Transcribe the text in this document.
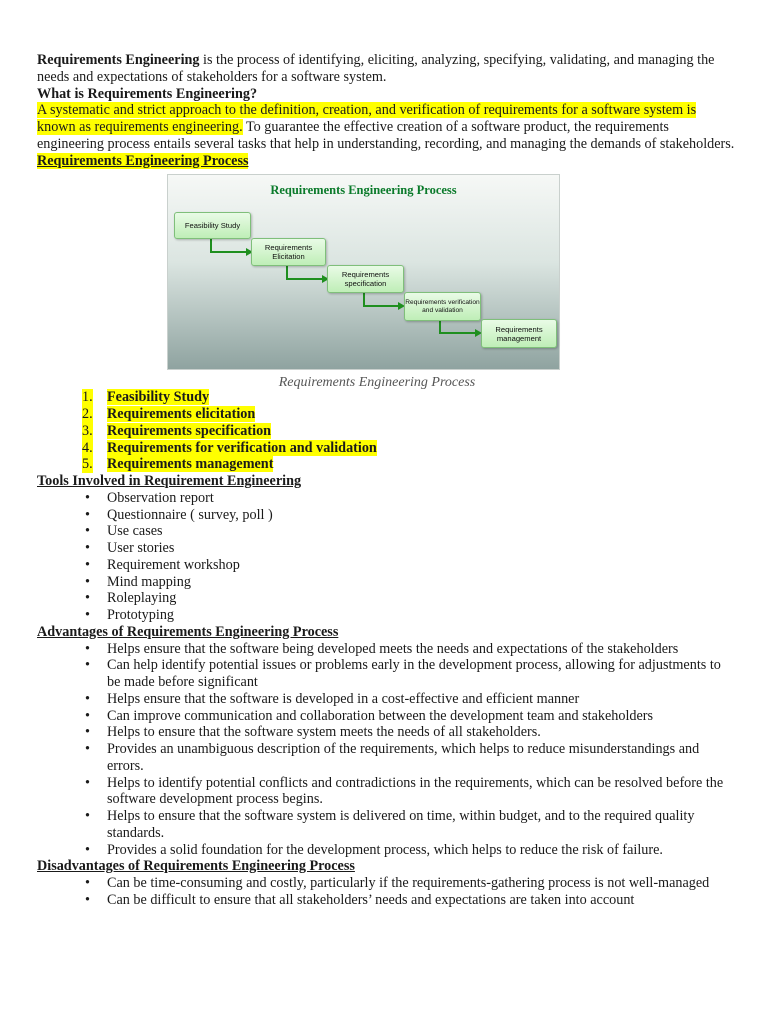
Requirements Engineering is the process of identifying, eliciting, analyzing, specifying, validating, and managing the needs and expectations of stakeholders for a software system.

What is Requirements Engineering?

A systematic and strict approach to the definition, creation, and verification of requirements for a software system is known as requirements engineering. To guarantee the effective creation of a software product, the requirements engineering process entails several tasks that help in understanding, recording, and managing the demands of stakeholders.

Requirements Engineering Process

Requirements Engineering Process
Feasibility Study
Requirements Elicitation
Requirements specification
Requirements verification and validation
Requirements management
Requirements Engineering Process
1. Feasibility Study
2. Requirements elicitation
3. Requirements specification
4. Requirements for verification and validation
5. Requirements management

Tools Involved in Requirement Engineering

• Observation report
• Questionnaire ( survey, poll )
• Use cases
• User stories
• Requirement workshop
• Mind mapping
• Roleplaying
• Prototyping

Advantages of Requirements Engineering Process

• Helps ensure that the software being developed meets the needs and expectations of the stakeholders
• Can help identify potential issues or problems early in the development process, allowing for adjustments to be made before significant
• Helps ensure that the software is developed in a cost-effective and efficient manner
• Can improve communication and collaboration between the development team and stakeholders
• Helps to ensure that the software system meets the needs of all stakeholders.
• Provides an unambiguous description of the requirements, which helps to reduce misunderstandings and errors.
• Helps to identify potential conflicts and contradictions in the requirements, which can be resolved before the software development process begins.
• Helps to ensure that the software system is delivered on time, within budget, and to the required quality standards.
• Provides a solid foundation for the development process, which helps to reduce the risk of failure.

Disadvantages of Requirements Engineering Process

• Can be time-consuming and costly, particularly if the requirements-gathering process is not well-managed
• Can be difficult to ensure that all stakeholders’ needs and expectations are taken into account
